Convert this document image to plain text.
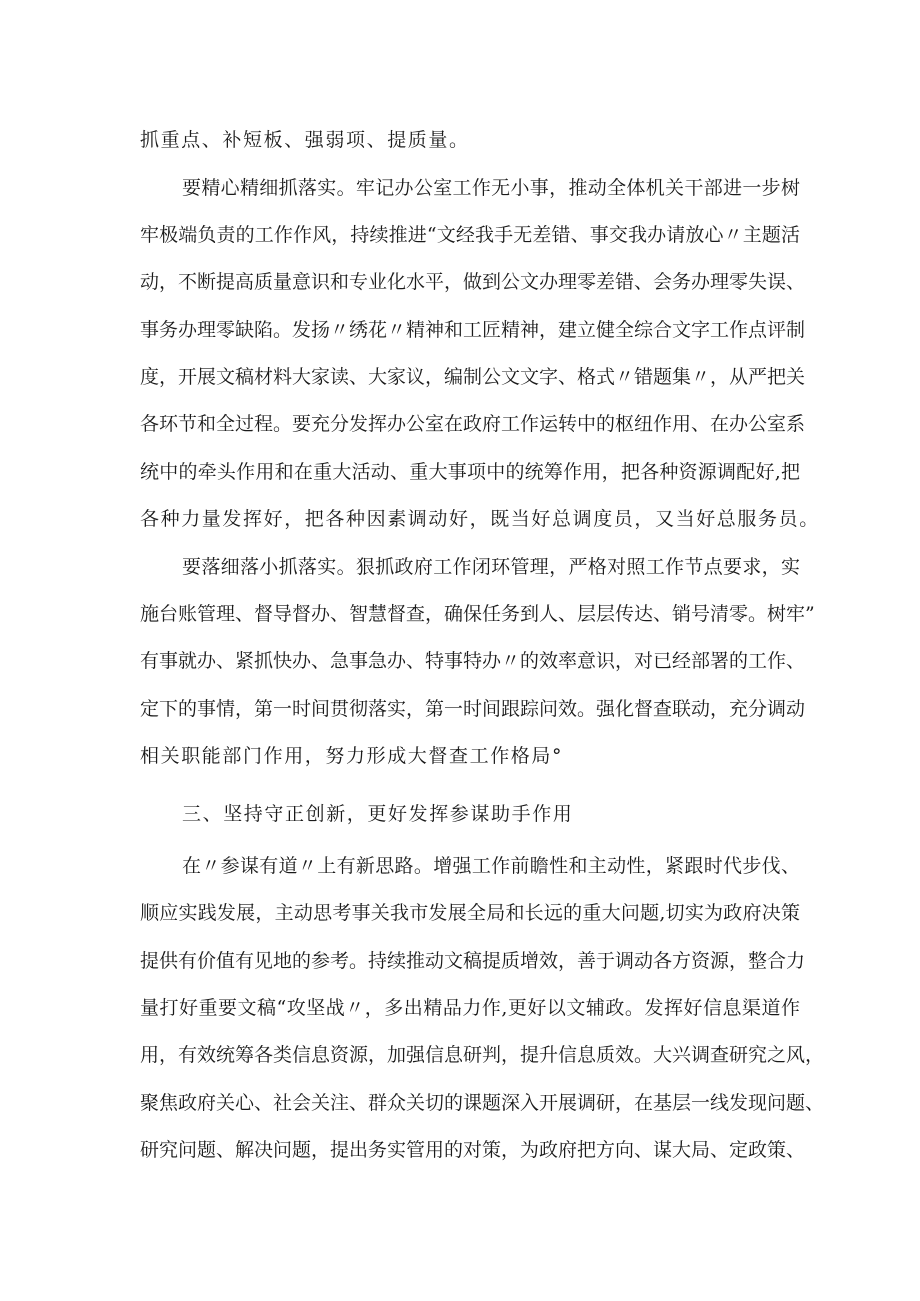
抓重点、补短板、强弱项、提质量。
要精心精细抓落实。牢记办公室工作无小事，推动全体机关干部进一步树
牢极端负责的工作作风，持续推进“文经我手无差错、事交我办请放心〃主题活
动，不断提高质量意识和专业化水平，做到公文办理零差错、会务办理零失误、
事务办理零缺陷。发扬〃绣花〃精神和工匠精神，建立健全综合文字工作点评制
度，开展文稿材料大家读、大家议，编制公文文字、格式〃错题集〃，从严把关
各环节和全过程。要充分发挥办公室在政府工作运转中的枢纽作用、在办公室系
统中的牵头作用和在重大活动、重大事项中的统筹作用，把各种资源调配好,把
各种力量发挥好，把各种因素调动好，既当好总调度员，又当好总服务员。
要落细落小抓落实。狠抓政府工作闭环管理，严格对照工作节点要求，实
施台账管理、督导督办、智慧督查，确保任务到人、层层传达、销号清零。树牢”
有事就办、紧抓快办、急事急办、特事特办〃的效率意识，对已经部署的工作、
定下的事情，第一时间贯彻落实，第一时间跟踪问效。强化督查联动，充分调动
相关职能部门作用，努力形成大督查工作格局°
三、坚持守正创新，更好发挥参谋助手作用
在〃参谋有道〃上有新思路。增强工作前瞻性和主动性，紧跟时代步伐、
顺应实践发展，主动思考事关我市发展全局和长远的重大问题,切实为政府决策
提供有价值有见地的参考。持续推动文稿提质增效，善于调动各方资源，整合力
量打好重要文稿“攻坚战〃，多出精品力作,更好以文辅政。发挥好信息渠道作
用，有效统筹各类信息资源，加强信息研判，提升信息质效。大兴调查研究之风，
聚焦政府关心、社会关注、群众关切的课题深入开展调研，在基层一线发现问题、
研究问题、解决问题，提出务实管用的对策，为政府把方向、谋大局、定政策、
